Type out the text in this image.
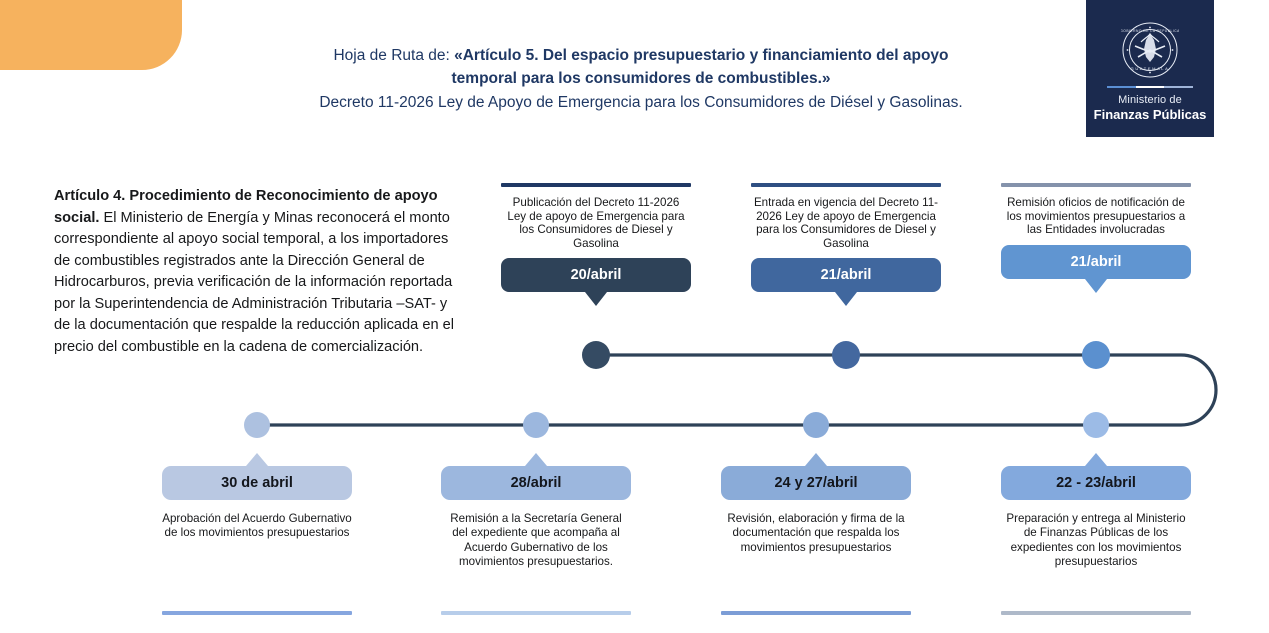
GOBIERNO DE LA REPÚBLICA
GUATEMALA
Ministerio de
Finanzas Públicas
Hoja de Ruta de: «Artículo 5. Del espacio presupuestario y financiamiento del apoyo
temporal para los consumidores de combustibles.»
Decreto 11-2026 Ley de Apoyo de Emergencia para los Consumidores de Diésel y Gasolinas.
Artículo 4. Procedimiento de Reconocimiento de apoyo social. El Ministerio de Energía y Minas reconocerá el monto correspondiente al apoyo social temporal, a los importadores de combustibles registrados ante la Dirección General de Hidrocarburos, previa verificación de la información reportada por la Superintendencia de Administración Tributaria –SAT- y de la documentación que respalde la reducción aplicada en el precio del combustible en la cadena de comercialización.
Publicación del Decreto 11-2026 Ley de apoyo de Emergencia para los Consumidores de Diesel y Gasolina
20/abril
Entrada en vigencia del Decreto 11-2026 Ley de apoyo de Emergencia para los Consumidores de Diesel y Gasolina
21/abril
Remisión oficios de notificación de los movimientos presupuestarios a las Entidades involucradas
21/abril
30 de abril
Aprobación del Acuerdo Gubernativo de los movimientos presupuestarios
28/abril
Remisión a la Secretaría General del expediente que acompaña al Acuerdo Gubernativo de los movimientos presupuestarios.
24 y 27/abril
Revisión, elaboración y firma de la documentación que respalda los movimientos presupuestarios
22 - 23/abril
Preparación y entrega al Ministerio de Finanzas Públicas de los expedientes con los movimientos presupuestarios
